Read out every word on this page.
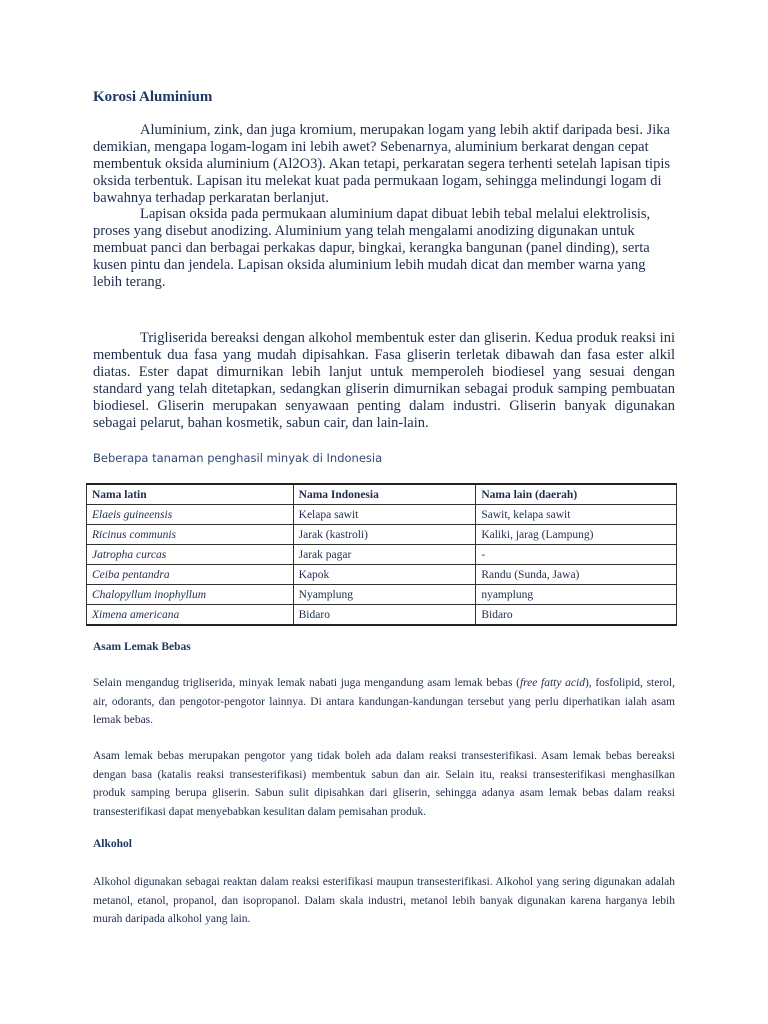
Korosi Aluminium

Aluminium, zink, dan juga kromium, merupakan logam yang lebih aktif daripada besi. Jika demikian, mengapa logam-logam ini lebih awet? Sebenarnya, aluminium berkarat dengan cepat membentuk oksida aluminium (Al2O3). Akan tetapi, perkaratan segera terhenti setelah lapisan tipis oksida terbentuk. Lapisan itu melekat kuat pada permukaan logam, sehingga melindungi logam di bawahnya terhadap perkaratan berlanjut.

Lapisan oksida pada permukaan aluminium dapat dibuat lebih tebal melalui elektrolisis, proses yang disebut anodizing. Aluminium yang telah mengalami anodizing digunakan untuk membuat panci dan berbagai perkakas dapur, bingkai, kerangka bangunan (panel dinding), serta kusen pintu dan jendela. Lapisan oksida aluminium lebih mudah dicat dan member warna yang lebih terang.

Trigliserida bereaksi dengan alkohol membentuk ester dan gliserin. Kedua produk reaksi ini membentuk dua fasa yang mudah dipisahkan. Fasa gliserin terletak dibawah dan fasa ester alkil diatas. Ester dapat dimurnikan lebih lanjut untuk memperoleh biodiesel yang sesuai dengan standard yang telah ditetapkan, sedangkan gliserin dimurnikan sebagai produk samping pembuatan biodiesel. Gliserin merupakan senyawaan penting dalam industri. Gliserin banyak digunakan sebagai pelarut, bahan kosmetik, sabun cair, dan lain-lain.

Beberapa tanaman penghasil minyak di Indonesia
Nama latin	Nama Indonesia	Nama lain (daerah)
Elaeis guineensis	Kelapa sawit	Sawit, kelapa sawit
Ricinus communis	Jarak (kastroli)	Kaliki, jarag (Lampung)
Jatropha curcas	Jarak pagar	-
Ceiba pentandra	Kapok	Randu (Sunda, Jawa)
Chalopyllum inophyllum	Nyamplung	nyamplung
Ximena americana	Bidaro	Bidaro
Asam Lemak Bebas

Selain mengandug trigliserida, minyak lemak nabati juga mengandung asam lemak bebas (free fatty acid), fosfolipid, sterol, air, odorants, dan pengotor-pengotor lainnya. Di antara kandungan-kandungan tersebut yang perlu diperhatikan ialah asam lemak bebas.

Asam lemak bebas merupakan pengotor yang tidak boleh ada dalam reaksi transesterifikasi. Asam lemak bebas bereaksi dengan basa (katalis reaksi transesterifikasi) membentuk sabun dan air. Selain itu, reaksi transesterifikasi menghasilkan produk samping berupa gliserin. Sabun sulit dipisahkan dari gliserin, sehingga adanya asam lemak bebas dalam reaksi transesterifikasi dapat menyebabkan kesulitan dalam pemisahan produk.

Alkohol

Alkohol digunakan sebagai reaktan dalam reaksi esterifikasi maupun transesterifikasi. Alkohol yang sering digunakan adalah metanol, etanol, propanol, dan isopropanol. Dalam skala industri, metanol lebih banyak digunakan karena harganya lebih murah daripada alkohol yang lain.
